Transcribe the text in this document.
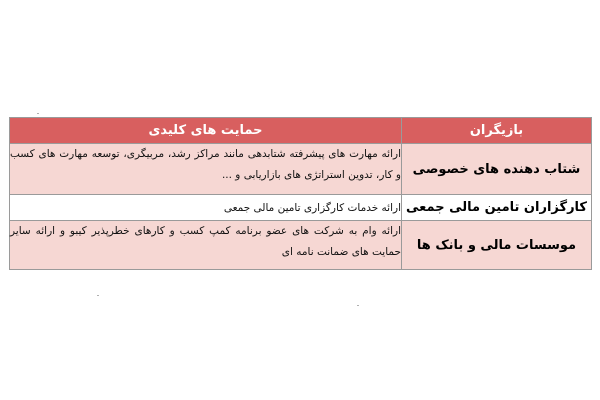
بازیگران	حمایت های کلیدی
شتاب دهنده های خصوصی	ارائه مهارت های پیشرفته شتابدهی مانند مراکز رشد، مربیگری، توسعه مهارت های کسب و کار، تدوین استراتژی های بازاریابی و ...
کارگزاران تامین مالی جمعی	ارائه خدمات کارگزاری تامین مالی جمعی
موسسات مالی و بانک ها	ارائه وام به شرکت های عضو برنامه کمپ کسب و کارهای خطرپذیر کیبو و ارائه سایر حمایت های ضمانت نامه ای
